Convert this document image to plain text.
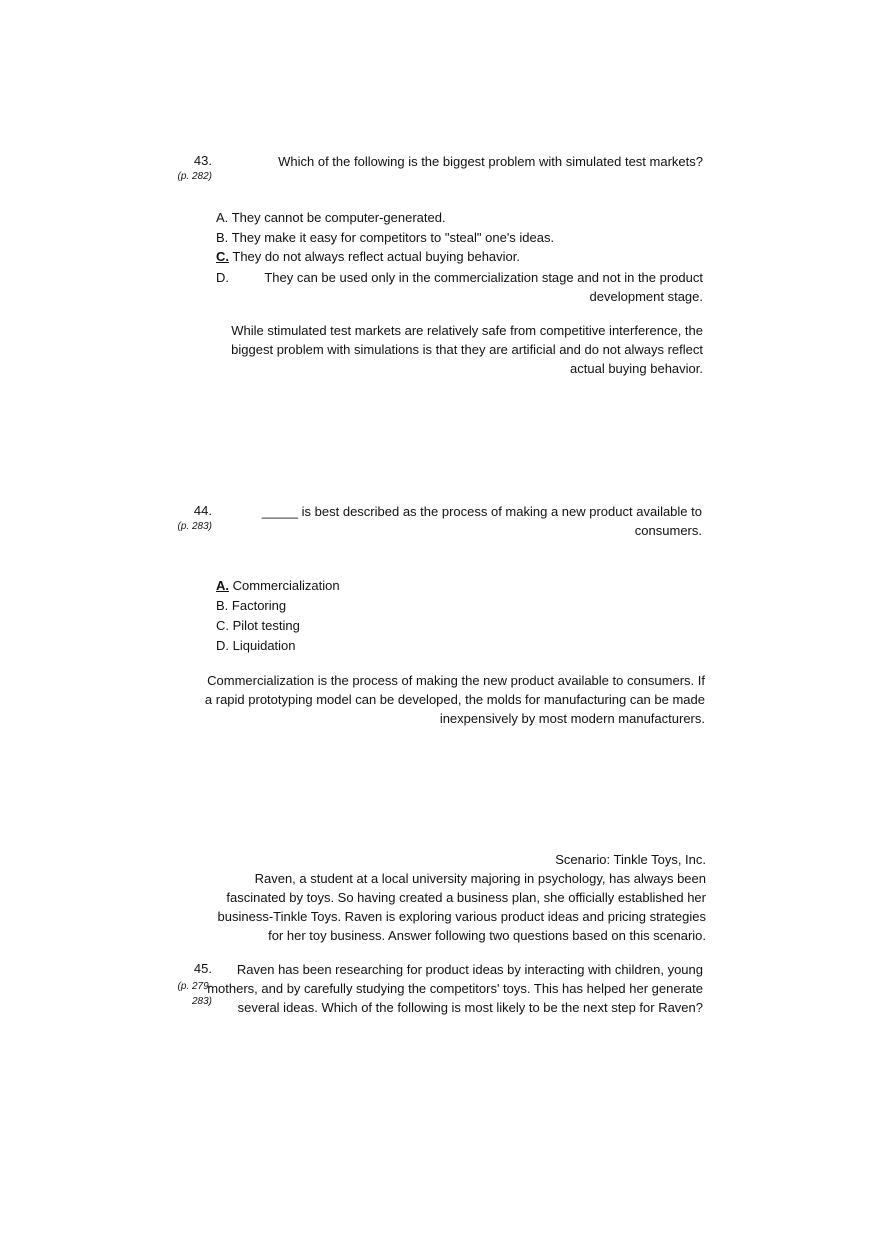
43.
(p. 282)
Which of the following is the biggest problem with simulated test markets?
A. They cannot be computer-generated.
B. They make it easy for competitors to "steal" one's ideas.
C. They do not always reflect actual buying behavior.
D.	They can be used only in the commercialization stage and not in the product
development stage.
While stimulated test markets are relatively safe from competitive interference, the
biggest problem with simulations is that they are artificial and do not always reflect
actual buying behavior.
44.
(p. 283)
_____ is best described as the process of making a new product available to
consumers.
A. Commercialization
B. Factoring
C. Pilot testing
D. Liquidation
Commercialization is the process of making the new product available to consumers. If
a rapid prototyping model can be developed, the molds for manufacturing can be made
inexpensively by most modern manufacturers.
Scenario: Tinkle Toys, Inc.
Raven, a student at a local university majoring in psychology, has always been
fascinated by toys. So having created a business plan, she officially established her
business-Tinkle Toys. Raven is exploring various product ideas and pricing strategies
for her toy business. Answer following two questions based on this scenario.
45.
(p. 279-
283)
Raven has been researching for product ideas by interacting with children, young
mothers, and by carefully studying the competitors' toys. This has helped her generate
several ideas. Which of the following is most likely to be the next step for Raven?
